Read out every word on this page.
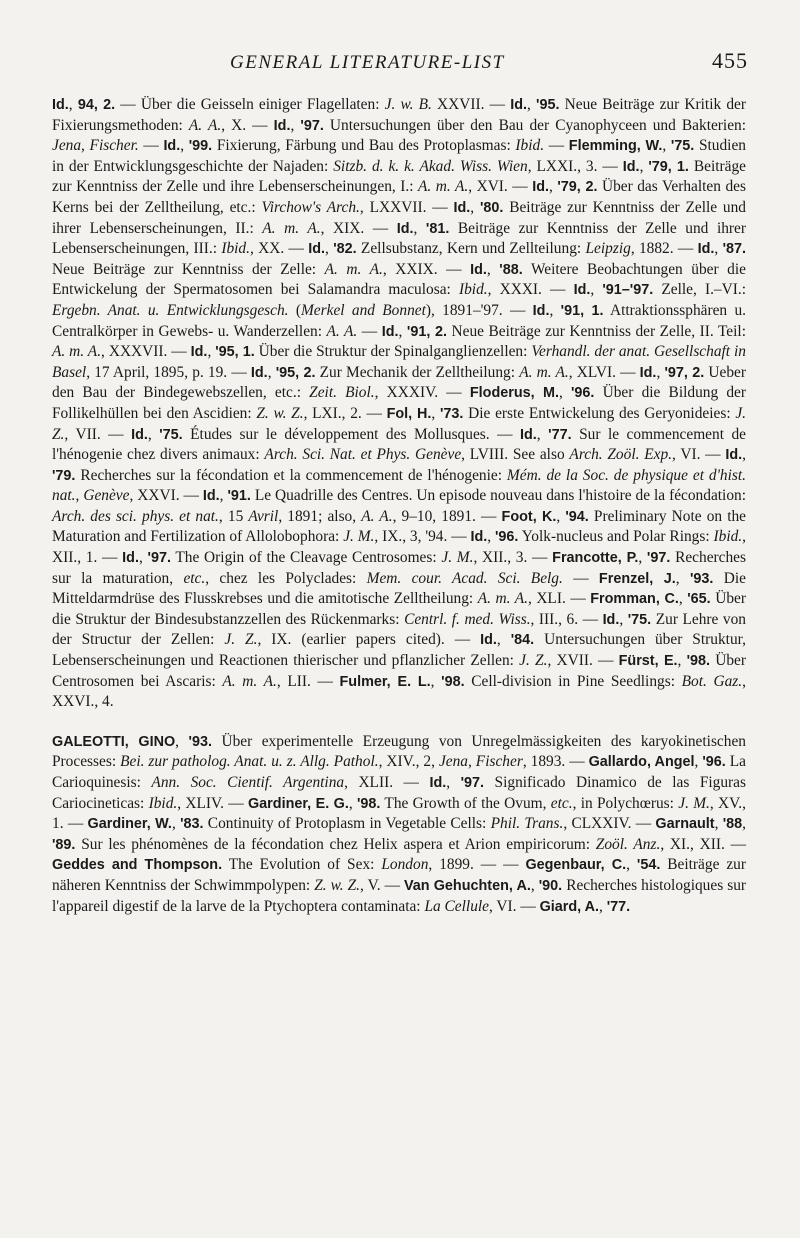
GENERAL LITERATURE-LIST	455

Id., 94, 2. — Über die Geisseln einiger Flagellaten: J. w. B. XXVII. — Id., '95. Neue Beiträge zur Kritik der Fixierungsmethoden: A. A., X. — Id., '97. Untersuchungen über den Bau der Cyanophyceen und Bakterien: Jena, Fischer. — Id., '99. Fixierung, Färbung und Bau des Protoplasmas: Ibid. — Flemming, W., '75. Studien in der Entwicklungsgeschichte der Najaden: Sitzb. d. k. k. Akad. Wiss. Wien, LXXI., 3. — Id., '79, 1. Beiträge zur Kenntniss der Zelle und ihre Lebenserscheinungen, I.: A. m. A., XVI. — Id., '79, 2. Über das Verhalten des Kerns bei der Zelltheilung, etc.: Virchow's Arch., LXXVII. — Id., '80. Beiträge zur Kenntniss der Zelle und ihrer Lebenserscheinungen, II.: A. m. A., XIX. — Id., '81. Beiträge zur Kenntniss der Zelle und ihrer Lebenserscheinungen, III.: Ibid., XX. — Id., '82. Zellsubstanz, Kern und Zellteilung: Leipzig, 1882. — Id., '87. Neue Beiträge zur Kenntniss der Zelle: A. m. A., XXIX. — Id., '88. Weitere Beobachtungen über die Entwickelung der Spermatosomen bei Salamandra maculosa: Ibid., XXXI. — Id., '91–'97. Zelle, I.–VI.: Ergebn. Anat. u. Entwicklungsgesch. (Merkel and Bonnet), 1891–'97. — Id., '91, 1. Attraktionssphären u. Centralkörper in Gewebs- u. Wanderzellen: A. A. — Id., '91, 2. Neue Beiträge zur Kenntniss der Zelle, II. Teil: A. m. A., XXXVII. — Id., '95, 1. Über die Struktur der Spinalganglienzellen: Verhandl. der anat. Gesellschaft in Basel, 17 April, 1895, p. 19. — Id., '95, 2. Zur Mechanik der Zelltheilung: A. m. A., XLVI. — Id., '97, 2. Ueber den Bau der Bindegewebszellen, etc.: Zeit. Biol., XXXIV. — Floderus, M., '96. Über die Bildung der Follikelhüllen bei den Ascidien: Z. w. Z., LXI., 2. — Fol, H., '73. Die erste Entwickelung des Geryonideies: J. Z., VII. — Id., '75. Études sur le développement des Mollusques. — Id., '77. Sur le commencement de l'hénogenie chez divers animaux: Arch. Sci. Nat. et Phys. Genève, LVIII. See also Arch. Zoöl. Exp., VI. — Id., '79. Recherches sur la fécondation et la commencement de l'hénogenie: Mém. de la Soc. de physique et d'hist. nat., Genève, XXVI. — Id., '91. Le Quadrille des Centres. Un episode nouveau dans l'histoire de la fécondation: Arch. des sci. phys. et nat., 15 Avril, 1891; also, A. A., 9–10, 1891. — Foot, K., '94. Preliminary Note on the Maturation and Fertilization of Allolobophora: J. M., IX., 3, '94. — Id., '96. Yolk-nucleus and Polar Rings: Ibid., XII., 1. — Id., '97. The Origin of the Cleavage Centrosomes: J. M., XII., 3. — Francotte, P., '97. Recherches sur la maturation, etc., chez les Polyclades: Mem. cour. Acad. Sci. Belg. — Frenzel, J., '93. Die Mitteldarmdrüse des Flusskrebses und die amitotische Zelltheilung: A. m. A., XLI. — Fromman, C., '65. Über die Struktur der Bindesubstanzzellen des Rückenmarks: Centrl. f. med. Wiss., III., 6. — Id., '75. Zur Lehre von der Structur der Zellen: J. Z., IX. (earlier papers cited). — Id., '84. Untersuchungen über Struktur, Lebenserscheinungen und Reactionen thierischer und pflanzlicher Zellen: J. Z., XVII. — Fürst, E., '98. Über Centrosomen bei Ascaris: A. m. A., LII. — Fulmer, E. L., '98. Cell-division in Pine Seedlings: Bot. Gaz., XXVI., 4.

GALEOTTI, GINO, '93. Über experimentelle Erzeugung von Unregelmässigkeiten des karyokinetischen Processes: Bei. zur patholog. Anat. u. z. Allg. Pathol., XIV., 2, Jena, Fischer, 1893. — Gallardo, Angel, '96. La Carioquinesis: Ann. Soc. Cientif. Argentina, XLII. — Id., '97. Significado Dinamico de las Figuras Cariocineticas: Ibid., XLIV. — Gardiner, E. G., '98. The Growth of the Ovum, etc., in Polychœrus: J. M., XV., 1. — Gardiner, W., '83. Continuity of Protoplasm in Vegetable Cells: Phil. Trans., CLXXIV. — Garnault, '88, '89. Sur les phénomènes de la fécondation chez Helix aspera et Arion empiricorum: Zoöl. Anz., XI., XII. — Geddes and Thompson. The Evolution of Sex: London, 1899. — — Gegenbaur, C., '54. Beiträge zur näheren Kenntniss der Schwimmpolypen: Z. w. Z., V. — Van Gehuchten, A., '90. Recherches histologiques sur l'appareil digestif de la larve de la Ptychoptera contaminata: La Cellule, VI. — Giard, A., '77.
